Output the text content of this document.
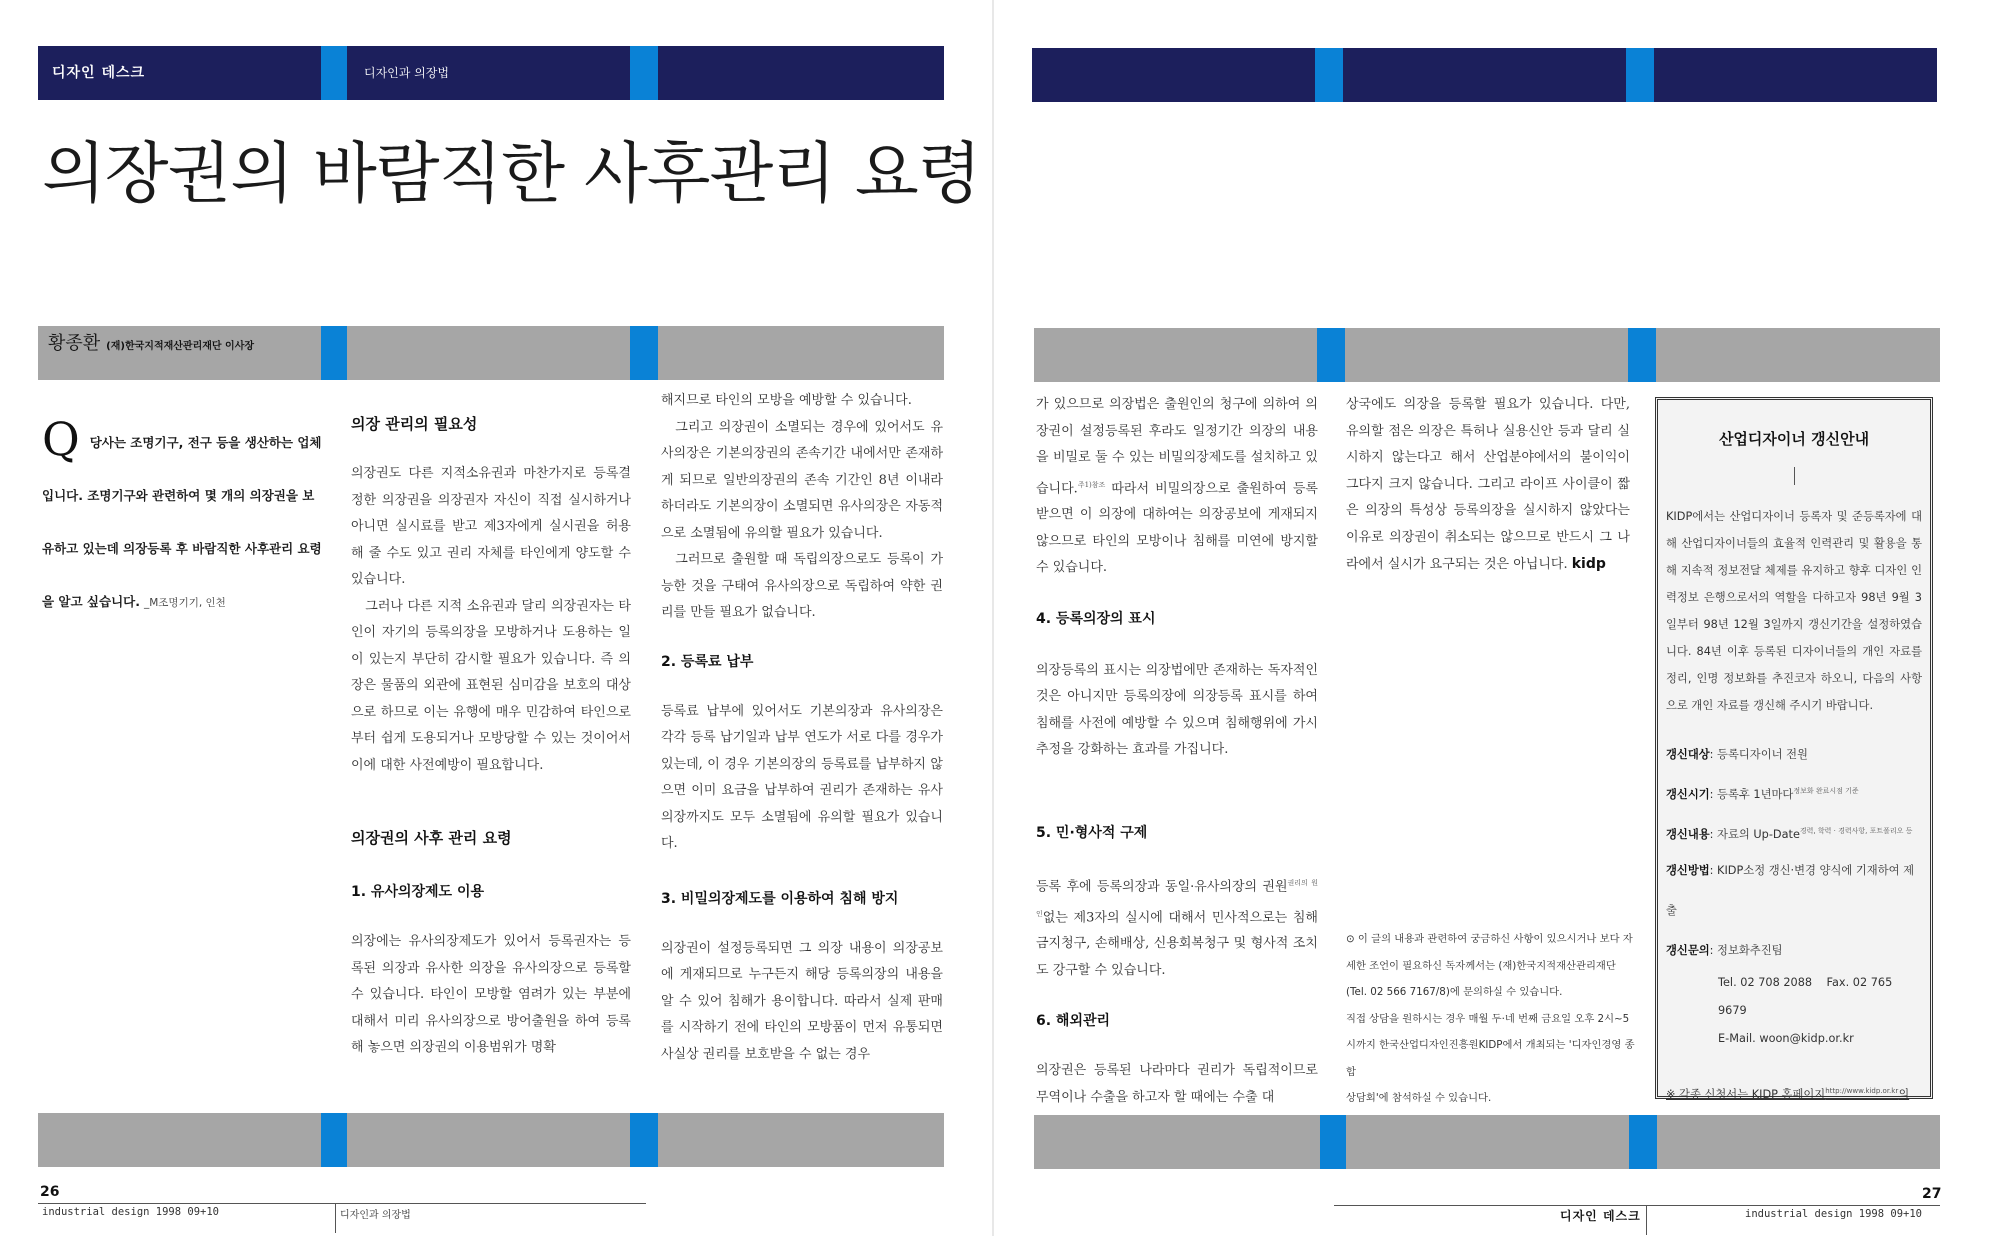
디자인 데스크	디자인과 의장법
의장권의 바람직한 사후관리 요령
황종환 (재)한국지적재산관리재단 이사장
Q 당사는 조명기구, 전구 등을 생산하는 업체
입니다. 조명기구와 관련하여 몇 개의 의장권을 보
유하고 있는데 의장등록 후 바람직한 사후관리 요령
을 알고 싶습니다. _M조명기기, 인천
의장 관리의 필요성

의장권도 다른 지적소유권과 마찬가지로 등록결정한 의장권을 의장권자 자신이 직접 실시하거나 아니면 실시료를 받고 제3자에게 실시권을 허용해 줄 수도 있고 권리 자체를 타인에게 양도할 수 있습니다.

그러나 다른 지적 소유권과 달리 의장권자는 타인이 자기의 등록의장을 모방하거나 도용하는 일이 있는지 부단히 감시할 필요가 있습니다. 즉 의장은 물품의 외관에 표현된 심미감을 보호의 대상으로 하므로 이는 유행에 매우 민감하여 타인으로부터 쉽게 도용되거나 모방당할 수 있는 것이어서 이에 대한 사전예방이 필요합니다.

의장권의 사후 관리 요령
1. 유사의장제도 이용

의장에는 유사의장제도가 있어서 등록권자는 등록된 의장과 유사한 의장을 유사의장으로 등록할 수 있습니다. 타인이 모방할 염려가 있는 부분에 대해서 미리 유사의장으로 방어출원을 하여 등록해 놓으면 의장권의 이용범위가 명확

해지므로 타인의 모방을 예방할 수 있습니다.

그리고 의장권이 소멸되는 경우에 있어서도 유사의장은 기본의장권의 존속기간 내에서만 존재하게 되므로 일반의장권의 존속 기간인 8년 이내라 하더라도 기본의장이 소멸되면 유사의장은 자동적으로 소멸됨에 유의할 필요가 있습니다.

그러므로 출원할 때 독립의장으로도 등록이 가능한 것을 구태여 유사의장으로 독립하여 약한 권리를 만들 필요가 없습니다.

2. 등록료 납부

등록료 납부에 있어서도 기본의장과 유사의장은 각각 등록 납기일과 납부 연도가 서로 다를 경우가 있는데, 이 경우 기본의장의 등록료를 납부하지 않으면 이미 요금을 납부하여 권리가 존재하는 유사의장까지도 모두 소멸됨에 유의할 필요가 있습니다.

3. 비밀의장제도를 이용하여 침해 방지

의장권이 설정등록되면 그 의장 내용이 의장공보에 게재되므로 누구든지 해당 등록의장의 내용을 알 수 있어 침해가 용이합니다. 따라서 실제 판매를 시작하기 전에 타인의 모방품이 먼저 유통되면 사실상 권리를 보호받을 수 없는 경우

26
industrial design 1998 09+10	디자인과 의장법

가 있으므로 의장법은 출원인의 청구에 의하여 의장권이 설정등록된 후라도 일정기간 의장의 내용을 비밀로 둘 수 있는 비밀의장제도를 설치하고 있습니다.$^{주1)참조}$ 따라서 비밀의장으로 출원하여 등록 받으면 이 의장에 대하여는 의장공보에 게재되지 않으므로 타인의 모방이나 침해를 미연에 방지할 수 있습니다.

4. 등록의장의 표시

의장등록의 표시는 의장법에만 존재하는 독자적인 것은 아니지만 등록의장에 의장등록 표시를 하여 침해를 사전에 예방할 수 있으며 침해행위에 가시 추정을 강화하는 효과를 가집니다.

5. 민·형사적 구제

등록 후에 등록의장과 동일·유사의장의 권원$^{권리의 원인}$없는 제3자의 실시에 대해서 민사적으로는 침해금지청구, 손해배상, 신용회복청구 및 형사적 조치도 강구할 수 있습니다.

6. 해외관리

의장권은 등록된 나라마다 권리가 독립적이므로 무역이나 수출을 하고자 할 때에는 수출 대

상국에도 의장을 등록할 필요가 있습니다. 다만, 유의할 점은 의장은 특허나 실용신안 등과 달리 실시하지 않는다고 해서 산업분야에서의 불이익이 그다지 크지 않습니다. 그리고 라이프 사이클이 짧은 의장의 특성상 등록의장을 실시하지 않았다는 이유로 의장권이 취소되는 않으므로 반드시 그 나라에서 실시가 요구되는 것은 아닙니다. kidp

⊙ 이 글의 내용과 관련하여 궁금하신 사항이 있으시거나 보다 자
세한 조언이 필요하신 독자께서는 (재)한국지적재산관리재단
(Tel. 02 566 7167/8)에 문의하실 수 있습니다.
직접 상담을 원하시는 경우 매월 두·네 번째 금요일 오후 2시~5
시까지 한국산업디자인진흥원KIDP에서 개최되는 '디자인경영 종합
상담회'에 참석하실 수 있습니다.
산업디자이너 갱신안내
KIDP에서는 산업디자이너 등록자 및 준등록자에 대해 산업디자이너들의 효율적 인력관리 및 활용을 통해 지속적 정보전달 체제를 유지하고 향후 디자인 인력정보 은행으로서의 역할을 다하고자 98년 9월 3일부터 98년 12월 3일까지 갱신기간을 설정하였습니다. 84년 이후 등록된 디자이너들의 개인 자료를 정리, 인명 정보화를 추진코자 하오니, 다음의 사항으로 개인 자료를 갱신해 주시기 바랍니다.
갱신대상: 등록디자이너 전원
갱신시기: 등록후 1년마다$^{정보화 완료시점 기준}$
갱신내용: 자료의 Up-Date$^{경력, 학력 \cdot 경력사항, 포트폴리오 등}$
갱신방법: KIDP소정 갱신·변경 양식에 기재하여 제출
갱신문의: 정보화추진팀
Tel. 02 708 2088 Fax. 02 765 9679
E-Mail. woon@kidp.or.kr
※ 각종 신청서는 KIDP 홈페이지$^{http://www.kidp.or.kr}$의
디자인 데스크	industrial design 1998 09+10
27
